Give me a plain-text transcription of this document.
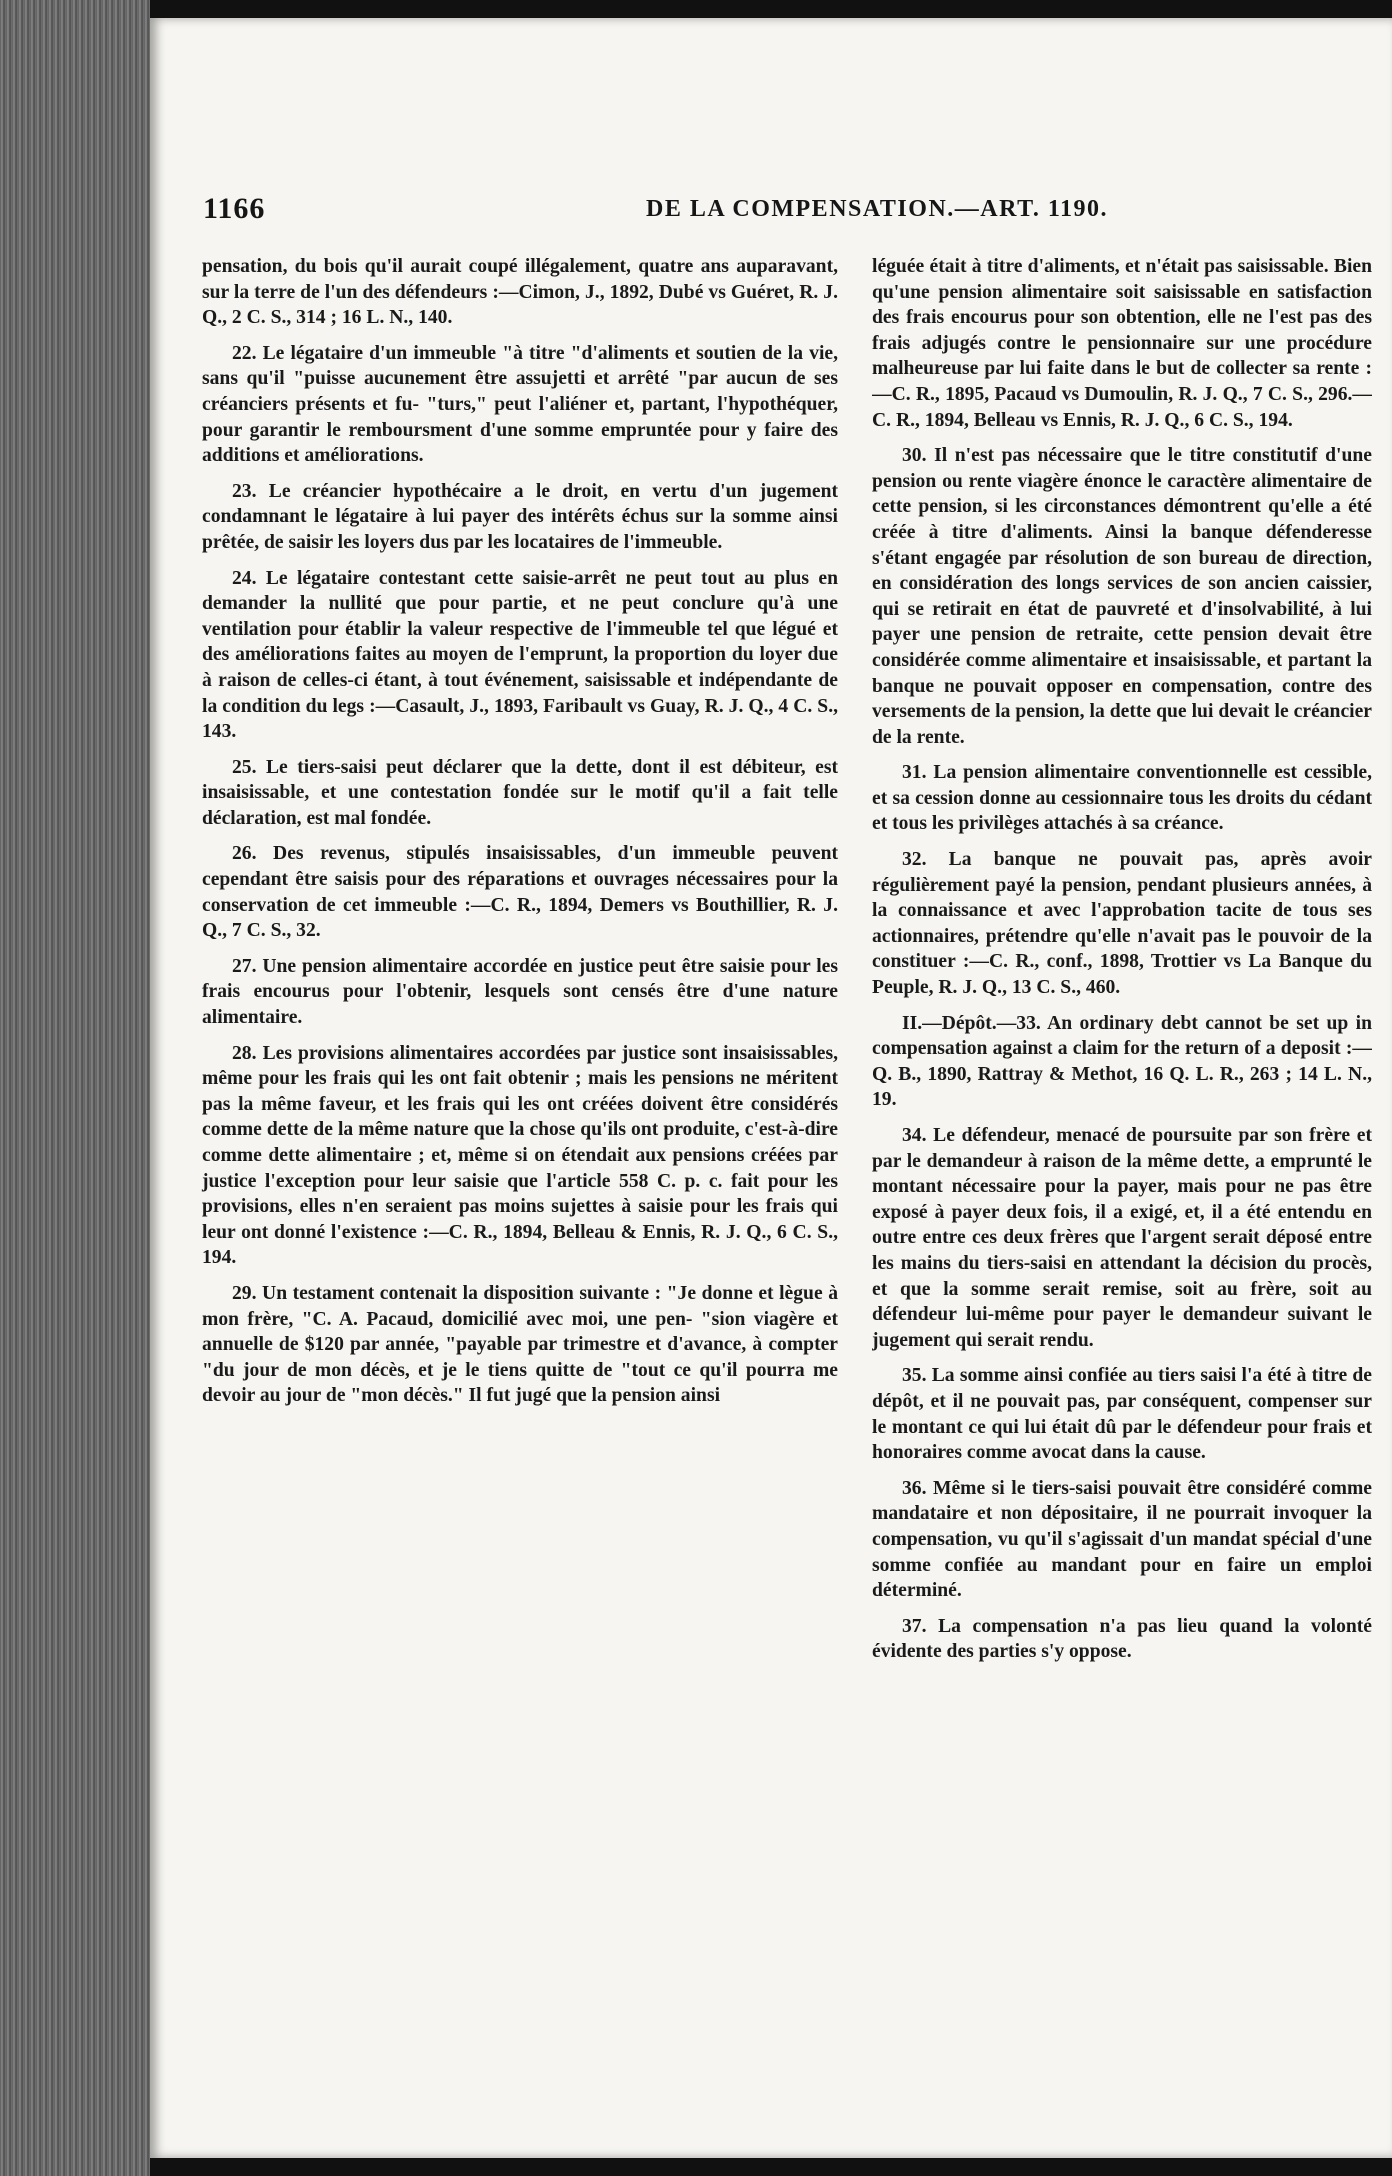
1166	DE LA COMPENSATION.—ART. 1190.

pensation, du bois qu'il aurait coupé illégalement, quatre ans auparavant, sur la terre de l'un des défendeurs :—Cimon, J., 1892, Dubé vs Guéret, R. J. Q., 2 C. S., 314 ; 16 L. N., 140.

22. Le légataire d'un immeuble "à titre "d'aliments et soutien de la vie, sans qu'il "puisse aucunement être assujetti et arrêté "par aucun de ses créanciers présents et fu- "turs," peut l'aliéner et, partant, l'hypothéquer, pour garantir le remboursment d'une somme empruntée pour y faire des additions et améliorations.

23. Le créancier hypothécaire a le droit, en vertu d'un jugement condamnant le légataire à lui payer des intérêts échus sur la somme ainsi prêtée, de saisir les loyers dus par les locataires de l'immeuble.

24. Le légataire contestant cette saisie-arrêt ne peut tout au plus en demander la nullité que pour partie, et ne peut conclure qu'à une ventilation pour établir la valeur respective de l'immeuble tel que légué et des améliorations faites au moyen de l'emprunt, la proportion du loyer due à raison de celles-ci étant, à tout événement, saisissable et indépendante de la condition du legs :—Casault, J., 1893, Faribault vs Guay, R. J. Q., 4 C. S., 143.

25. Le tiers-saisi peut déclarer que la dette, dont il est débiteur, est insaisissable, et une contestation fondée sur le motif qu'il a fait telle déclaration, est mal fondée.

26. Des revenus, stipulés insaisissables, d'un immeuble peuvent cependant être saisis pour des réparations et ouvrages nécessaires pour la conservation de cet immeuble :—C. R., 1894, Demers vs Bouthillier, R. J. Q., 7 C. S., 32.

27. Une pension alimentaire accordée en justice peut être saisie pour les frais encourus pour l'obtenir, lesquels sont censés être d'une nature alimentaire.

28. Les provisions alimentaires accordées par justice sont insaisissables, même pour les frais qui les ont fait obtenir ; mais les pensions ne méritent pas la même faveur, et les frais qui les ont créées doivent être considérés comme dette de la même nature que la chose qu'ils ont produite, c'est-à-dire comme dette alimentaire ; et, même si on étendait aux pensions créées par justice l'exception pour leur saisie que l'article 558 C. p. c. fait pour les provisions, elles n'en seraient pas moins sujettes à saisie pour les frais qui leur ont donné l'existence :—C. R., 1894, Belleau & Ennis, R. J. Q., 6 C. S., 194.

29. Un testament contenait la disposition suivante : "Je donne et lègue à mon frère, "C. A. Pacaud, domicilié avec moi, une pen- "sion viagère et annuelle de $120 par année, "payable par trimestre et d'avance, à compter "du jour de mon décès, et je le tiens quitte de "tout ce qu'il pourra me devoir au jour de "mon décès." Il fut jugé que la pension ainsi

léguée était à titre d'aliments, et n'était pas saisissable. Bien qu'une pension alimentaire soit saisissable en satisfaction des frais encourus pour son obtention, elle ne l'est pas des frais adjugés contre le pensionnaire sur une procédure malheureuse par lui faite dans le but de collecter sa rente :—C. R., 1895, Pacaud vs Dumoulin, R. J. Q., 7 C. S., 296.—C. R., 1894, Belleau vs Ennis, R. J. Q., 6 C. S., 194.

30. Il n'est pas nécessaire que le titre constitutif d'une pension ou rente viagère énonce le caractère alimentaire de cette pension, si les circonstances démontrent qu'elle a été créée à titre d'aliments. Ainsi la banque défenderesse s'étant engagée par résolution de son bureau de direction, en considération des longs services de son ancien caissier, qui se retirait en état de pauvreté et d'insolvabilité, à lui payer une pension de retraite, cette pension devait être considérée comme alimentaire et insaisissable, et partant la banque ne pouvait opposer en compensation, contre des versements de la pension, la dette que lui devait le créancier de la rente.

31. La pension alimentaire conventionnelle est cessible, et sa cession donne au cessionnaire tous les droits du cédant et tous les privilèges attachés à sa créance.

32. La banque ne pouvait pas, après avoir régulièrement payé la pension, pendant plusieurs années, à la connaissance et avec l'approbation tacite de tous ses actionnaires, prétendre qu'elle n'avait pas le pouvoir de la constituer :—C. R., conf., 1898, Trottier vs La Banque du Peuple, R. J. Q., 13 C. S., 460.

II.—Dépôt.—33. An ordinary debt cannot be set up in compensation against a claim for the return of a deposit :—Q. B., 1890, Rattray & Methot, 16 Q. L. R., 263 ; 14 L. N., 19.

34. Le défendeur, menacé de poursuite par son frère et par le demandeur à raison de la même dette, a emprunté le montant nécessaire pour la payer, mais pour ne pas être exposé à payer deux fois, il a exigé, et, il a été entendu en outre entre ces deux frères que l'argent serait déposé entre les mains du tiers-saisi en attendant la décision du procès, et que la somme serait remise, soit au frère, soit au défendeur lui-même pour payer le demandeur suivant le jugement qui serait rendu.

35. La somme ainsi confiée au tiers saisi l'a été à titre de dépôt, et il ne pouvait pas, par conséquent, compenser sur le montant ce qui lui était dû par le défendeur pour frais et honoraires comme avocat dans la cause.

36. Même si le tiers-saisi pouvait être considéré comme mandataire et non dépositaire, il ne pourrait invoquer la compensation, vu qu'il s'agissait d'un mandat spécial d'une somme confiée au mandant pour en faire un emploi déterminé.

37. La compensation n'a pas lieu quand la volonté évidente des parties s'y oppose.
